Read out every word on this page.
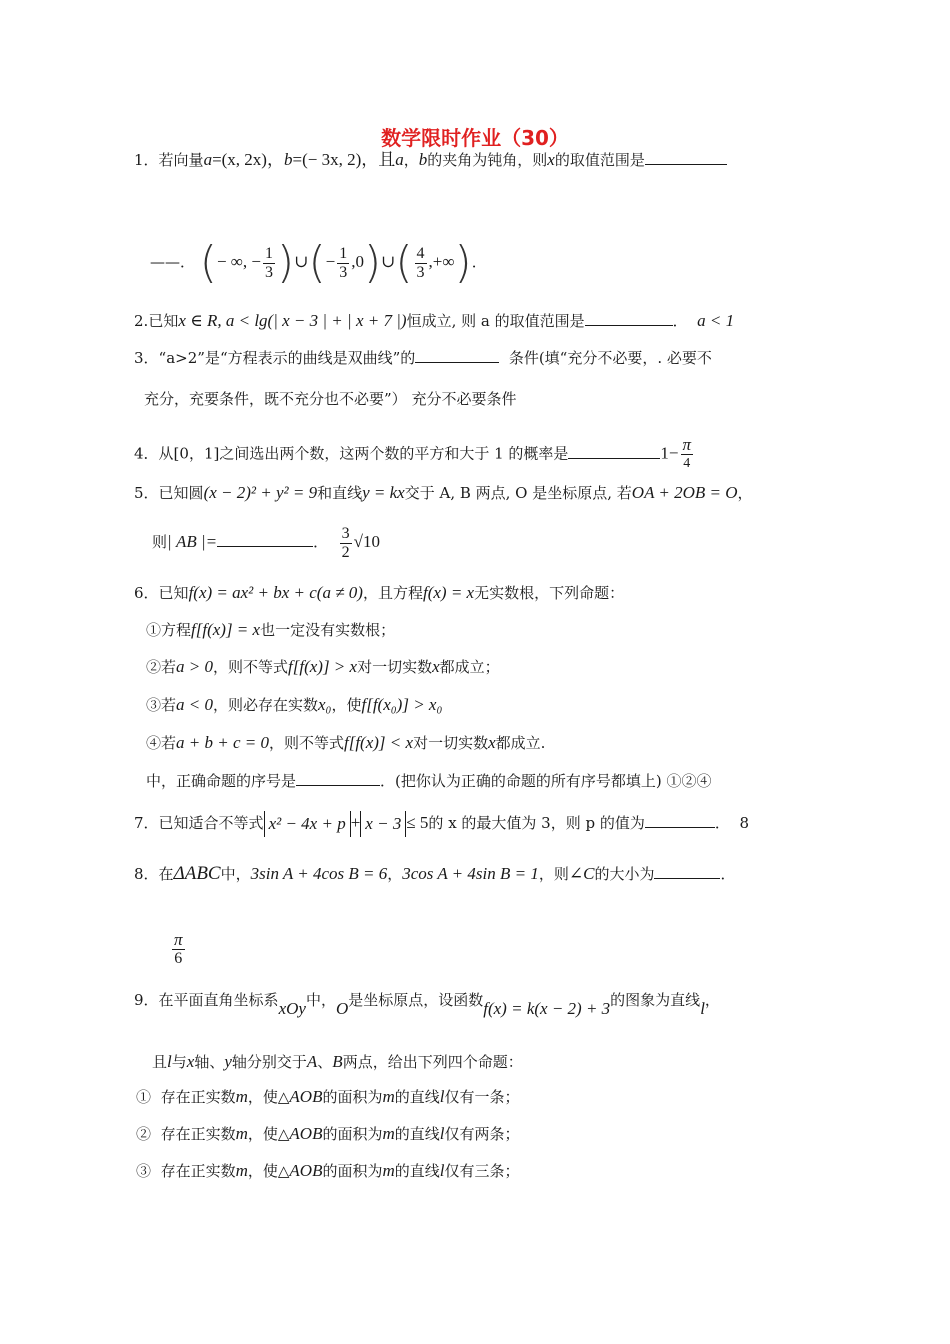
数学限时作业（30）
1．若向量a=(x, 2x)，b=(− 3x, 2)，且a，b的夹角为钝角，则x的取值范围是
——． (− ∞, − $\frac{1}{3}$ )∪(− $\frac{1}{3}$ ,0)∪( $\frac{4}{3}$ ,+∞)．
2.已知x ∈ R, a < lg(| x − 3 | + | x + 7 |)恒成立, 则 a 的取值范围是	． a < 1
3．“a>2”是“方程表示的曲线是双曲线”的	条件(填“充分不必要，. 必要不
充分，充要条件，既不充分也不必要”） 充分不必要条件
4．从[0，1]之间选出两个数，这两个数的平方和大于 1 的概率是	$1- \frac{\pi}{4}$
5．已知圆(x − 2)² + y² = 9和直线y = kx交于 A, B 两点, O 是坐标原点, 若OA + 2OB = O，
则| AB |=	． $\frac{3}{2} √10$
6．已知f(x) = ax² + bx + c(a ≠ 0)，且方程f(x) = x无实数根，下列命题：
①方程f[f(x)] = x也一定没有实数根；
②若a > 0，则不等式f[f(x)] > x对一切实数x都成立；
③若a < 0，则必存在实数x₀，使f[f(x₀)] > x₀
④若a + b + c = 0，则不等式f[f(x)] < x对一切实数x都成立.
中，正确命题的序号是	．(把你认为正确的命题的所有序号都填上) ①②④
7．已知适合不等式 x² − 4x + p + x − 3 ≤ 5的 x 的最大值为 3，则 p 的值为	． 8
8．在ΔABC中，3sin A + 4cos B = 6，3cos A + 4sin B = 1，则∠C的大小为	．
$\frac{\pi}{6}$
9．在平面直角坐标系xOy中，O是坐标原点，设函数f(x) = k(x − 2) + 3的图象为直线l，
且l与x轴、y轴分别交于A、B两点，给出下列四个命题：
① 存在正实数m，使△AOB的面积为m的直线l仅有一条；
② 存在正实数m，使△AOB的面积为m的直线l仅有两条；
③ 存在正实数m，使△AOB的面积为m的直线l仅有三条；
